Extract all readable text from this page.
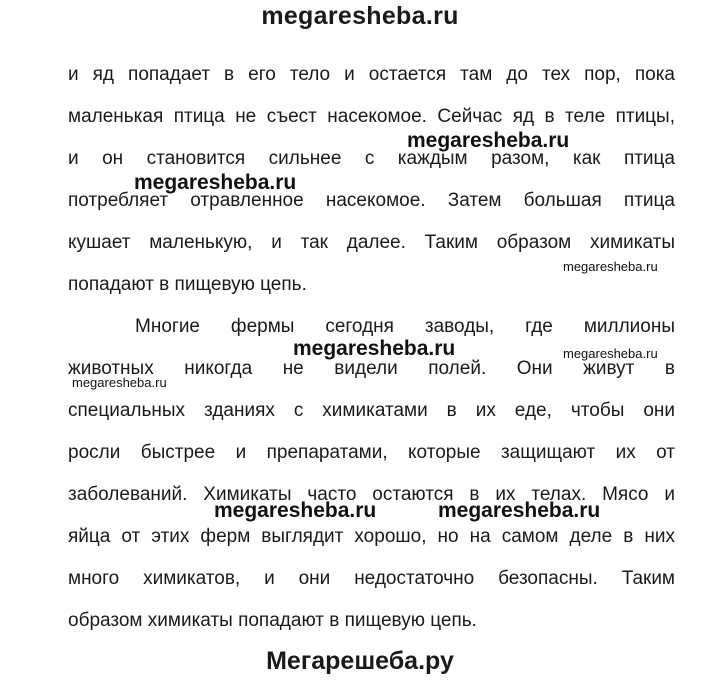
megaresheba.ru
и яд попадает в его тело и остается там до тех пор, пока
маленькая птица не съест насекомое. Сейчас яд в теле птицы,
и он становится сильнее с каждым разом, как птица
потребляет отравленное насекомое. Затем большая птица
кушает маленькую, и так далее. Таким образом химикаты
попадают в пищевую цепь.
Многие фермы сегодня заводы, где миллионы
животных никогда не видели полей. Они живут в
специальных зданиях с химикатами в их еде, чтобы они
росли быстрее и препаратами, которые защищают их от
заболеваний. Химикаты часто остаются в их телах. Мясо и
яйца от этих ферм выглядит хорошо, но на самом деле в них
много химикатов, и они недостаточно безопасны. Таким
образом химикаты попадают в пищевую цепь.
megaresheba.ru
megaresheba.ru
megaresheba.ru
megaresheba.ru	megaresheba.ru
megaresheba.ru
megaresheba.ru	megaresheba.ru
Мегарешеба.ру
